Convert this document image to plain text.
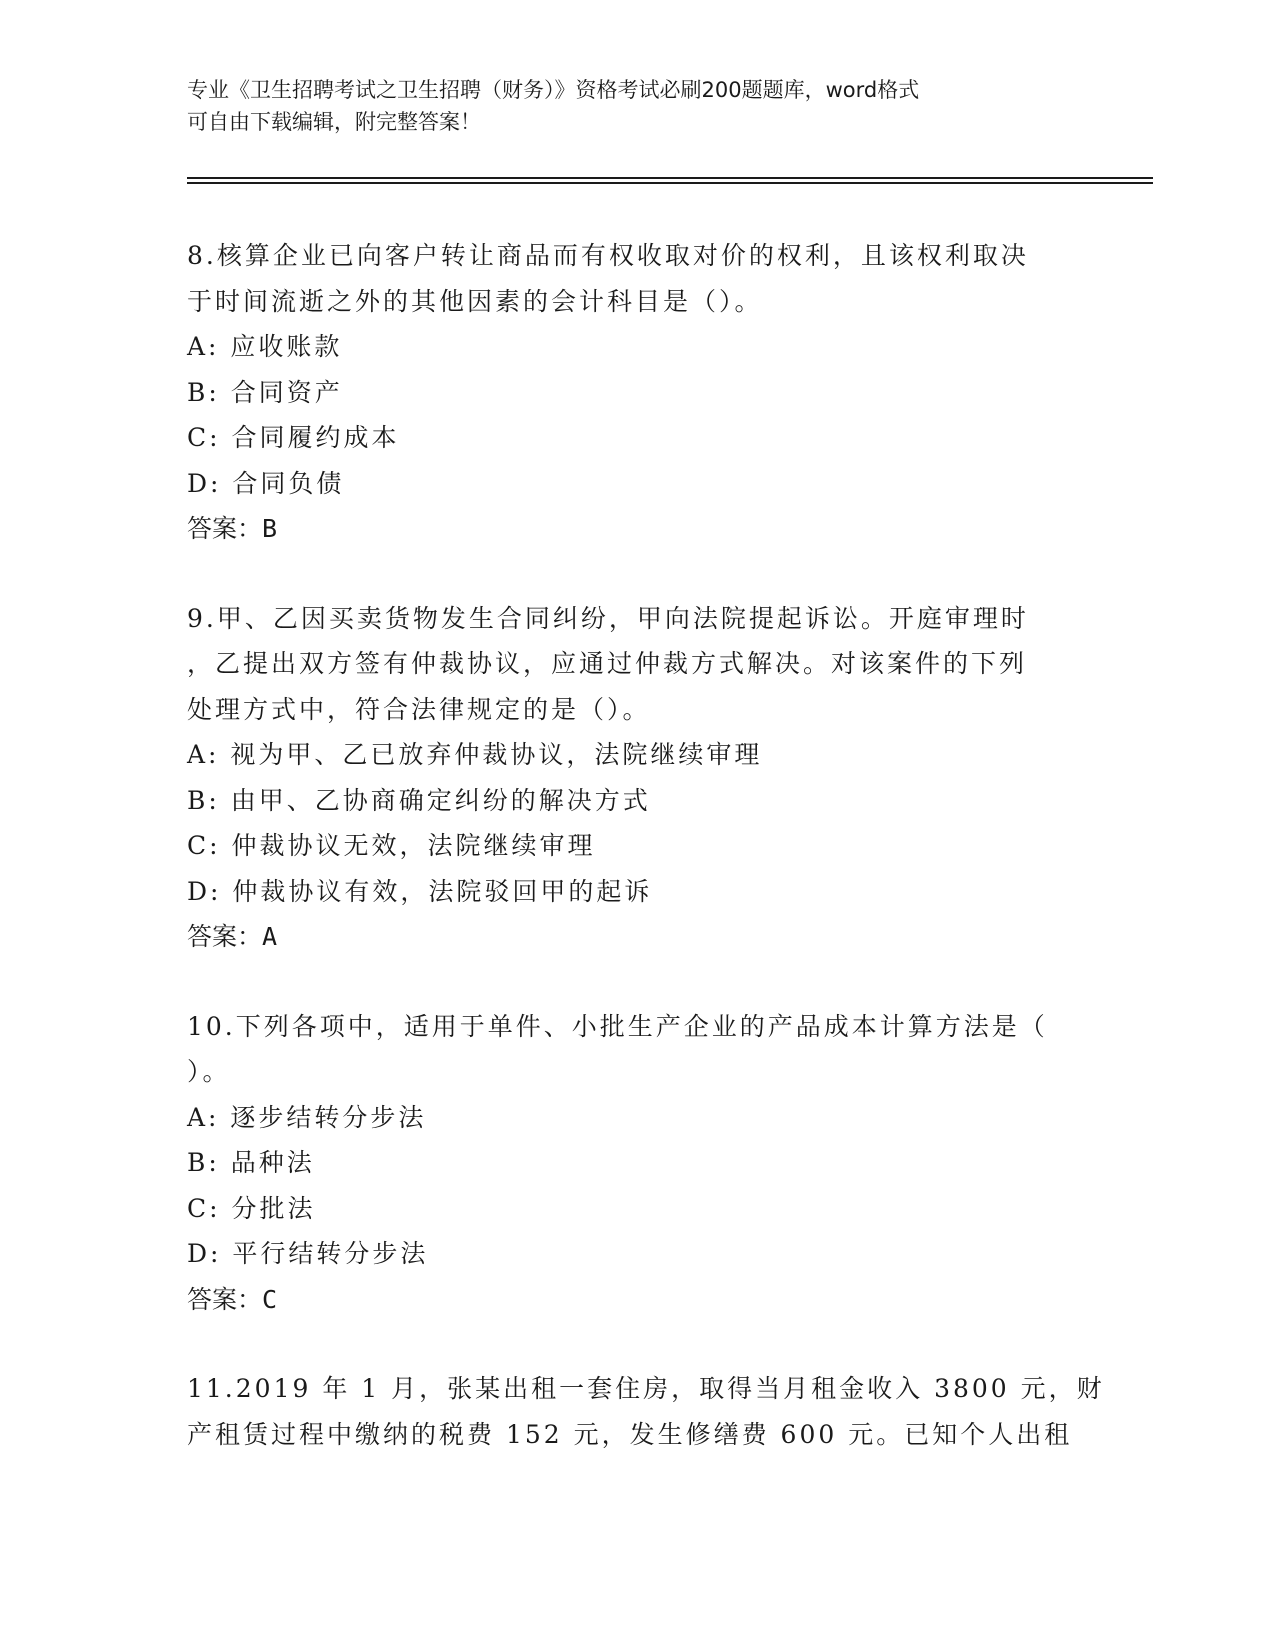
专业《卫生招聘考试之卫生招聘（财务）》资格考试必刷200题题库，word格式
可自由下载编辑，附完整答案！
8.核算企业已向客户转让商品而有权收取对价的权利，且该权利取决
于时间流逝之外的其他因素的会计科目是（）。
A: 应收账款
B: 合同资产
C: 合同履约成本
D: 合同负债
答案：B
9.甲、乙因买卖货物发生合同纠纷，甲向法院提起诉讼。开庭审理时
，乙提出双方签有仲裁协议，应通过仲裁方式解决。对该案件的下列
处理方式中，符合法律规定的是（）。
A: 视为甲、乙已放弃仲裁协议，法院继续审理
B: 由甲、乙协商确定纠纷的解决方式
C: 仲裁协议无效，法院继续审理
D: 仲裁协议有效，法院驳回甲的起诉
答案：A
10.下列各项中，适用于单件、小批生产企业的产品成本计算方法是（
）。
A: 逐步结转分步法
B: 品种法
C: 分批法
D: 平行结转分步法
答案：C
11.2019 年 1 月，张某出租一套住房，取得当月租金收入 3800 元，财
产租赁过程中缴纳的税费 152 元，发生修缮费 600 元。已知个人出租
